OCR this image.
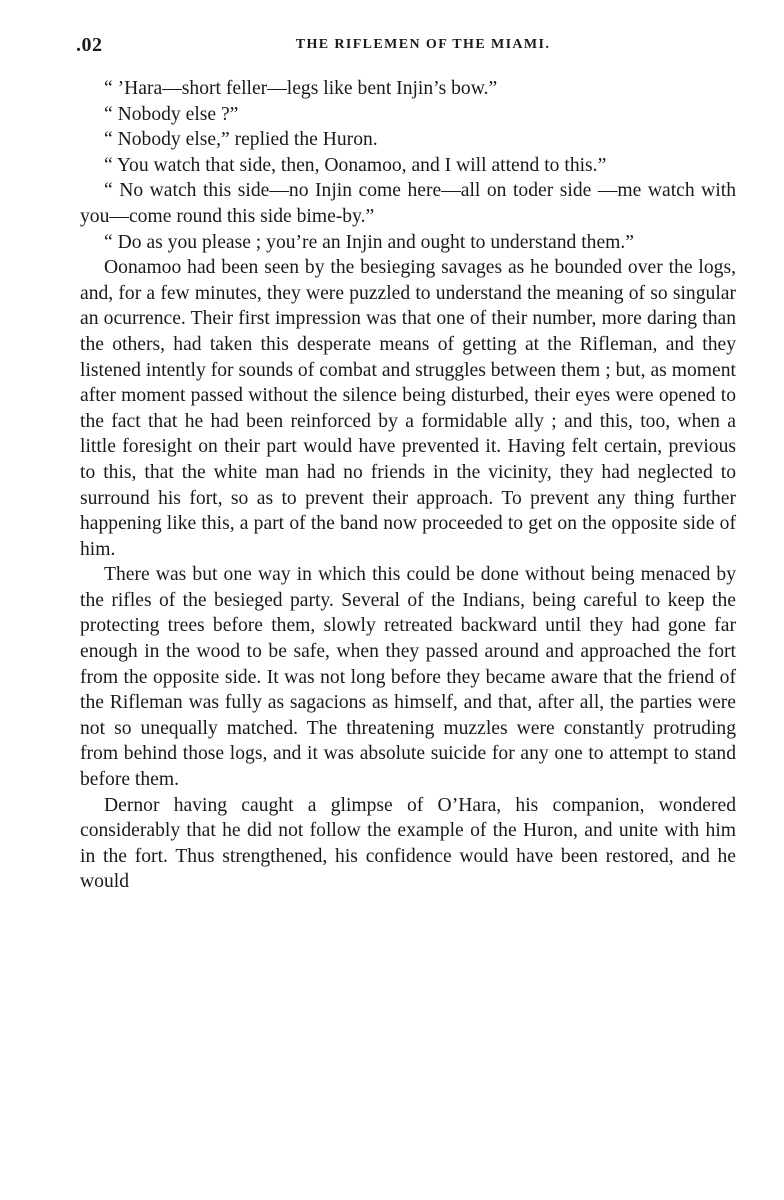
.02	THE RIFLEMEN OF THE MIAMI.

“ ’Hara—short feller—legs like bent Injin’s bow.”

“ Nobody else ?”

“ Nobody else,” replied the Huron.

“ You watch that side, then, Oonamoo, and I will attend to this.”

“ No watch this side—no Injin come here—all on toder side —me watch with you—come round this side bime-by.”

“ Do as you please ; you’re an Injin and ought to understand them.”

Oonamoo had been seen by the besieging savages as he bounded over the logs, and, for a few minutes, they were puzzled to understand the meaning of so singular an ocurrence. Their first impression was that one of their number, more daring than the others, had taken this desperate means of getting at the Rifleman, and they listened intently for sounds of combat and struggles between them ; but, as moment after moment passed without the silence being disturbed, their eyes were opened to the fact that he had been reinforced by a formidable ally ; and this, too, when a little foresight on their part would have prevented it. Having felt certain, previous to this, that the white man had no friends in the vicinity, they had neglected to surround his fort, so as to prevent their approach. To prevent any thing further happening like this, a part of the band now proceeded to get on the opposite side of him.

There was but one way in which this could be done without being menaced by the rifles of the besieged party. Several of the Indians, being careful to keep the protecting trees before them, slowly retreated backward until they had gone far enough in the wood to be safe, when they passed around and approached the fort from the opposite side. It was not long before they became aware that the friend of the Rifleman was fully as sagacions as himself, and that, after all, the parties were not so unequally matched. The threatening muzzles were constantly protruding from behind those logs, and it was absolute suicide for any one to attempt to stand before them.

Dernor having caught a glimpse of O’Hara, his companion, wondered considerably that he did not follow the example of the Huron, and unite with him in the fort. Thus strengthened, his confidence would have been restored, and he would
